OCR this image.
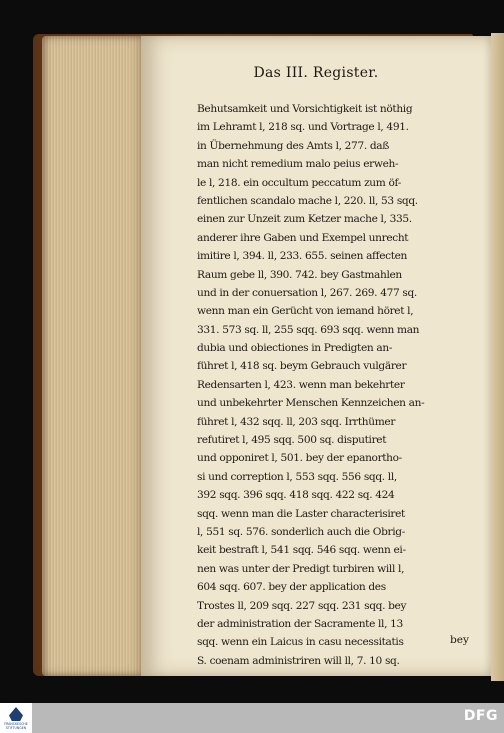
Das III. Register.
Behutsamkeit und Vorsichtigkeit ist nöthig
im Lehramt l, 218 sq. und Vortrage l, 491.
in Übernehmung des Amts l, 277. daß
man nicht remedium malo peius erweh-
le l, 218. ein occultum peccatum zum öf-
fentlichen scandalo mache l, 220. ll, 53 sqq.
einen zur Unzeit zum Ketzer mache l, 335.
anderer ihre Gaben und Exempel unrecht
imitire l, 394. ll, 233. 655. seinen affecten
Raum gebe ll, 390. 742. bey Gastmahlen
und in der conuersation l, 267. 269. 477 sq.
wenn man ein Gerücht von iemand höret l,
331. 573 sq. ll, 255 sqq. 693 sqq. wenn man
dubia und obiectiones in Predigten an-
führet l, 418 sq. beym Gebrauch vulgärer
Redensarten l, 423. wenn man bekehrter
und unbekehrter Menschen Kennzeichen an-
führet l, 432 sqq. ll, 203 sqq. Irrthümer
refutiret l, 495 sqq. 500 sq. disputiret
und opponiret l, 501. bey der epanortho-
si und correption l, 553 sqq. 556 sqq. ll,
392 sqq. 396 sqq. 418 sqq. 422 sq. 424
sqq. wenn man die Laster characterisiret
l, 551 sq. 576. sonderlich auch die Obrig-
keit bestraft l, 541 sqq. 546 sqq. wenn ei-
nen was unter der Predigt turbiren will l,
604 sqq. 607. bey der application des
Trostes ll, 209 sqq. 227 sqq. 231 sqq. bey
der administration der Sacramente ll, 13
sqq. wenn ein Laicus in casu necessitatis
S. coenam administriren will ll, 7. 10 sq.
bey
FRANCKESCHE STIFTUNGEN
DFG
